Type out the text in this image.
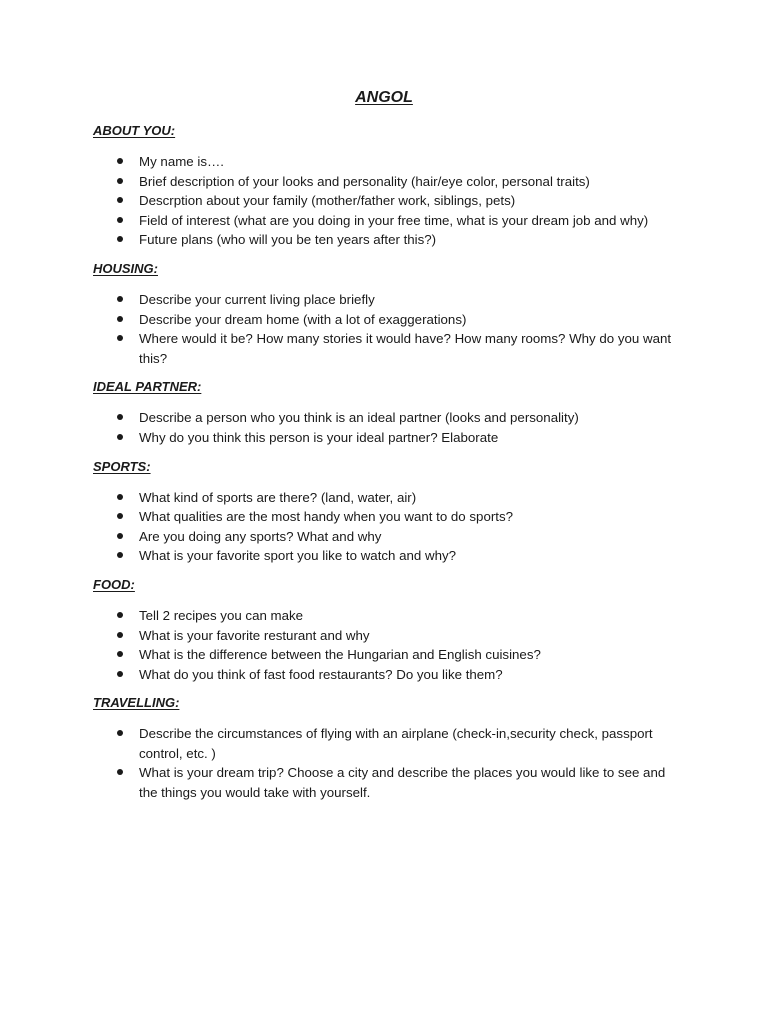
ANGOL

ABOUT YOU:

My name is….
Brief description of your looks and personality (hair/eye color, personal traits)
Descrption about your family (mother/father work, siblings, pets)
Field of interest (what are you doing in your free time, what is your dream job and why)
Future plans (who will you be ten years after this?)

HOUSING:

Describe your current living place briefly
Describe your dream home (with a lot of exaggerations)
Where would it be? How many stories it would have? How many rooms? Why do you want this?

IDEAL PARTNER:

Describe a person who you think is an ideal partner (looks and personality)
Why do you think this person is your ideal partner? Elaborate

SPORTS:

What kind of sports are there? (land, water, air)
What qualities are the most handy when you want to do sports?
Are you doing any sports? What and why
What is your favorite sport you like to watch and why?

FOOD:

Tell 2 recipes you can make
What is your favorite resturant and why
What is the difference between the Hungarian and English cuisines?
What do you think of fast food restaurants? Do you like them?

TRAVELLING:

Describe the circumstances of flying with an airplane (check-in,security check, passport control, etc. )
What is your dream trip? Choose a city and describe the places you would like to see and the things you would take with yourself.
